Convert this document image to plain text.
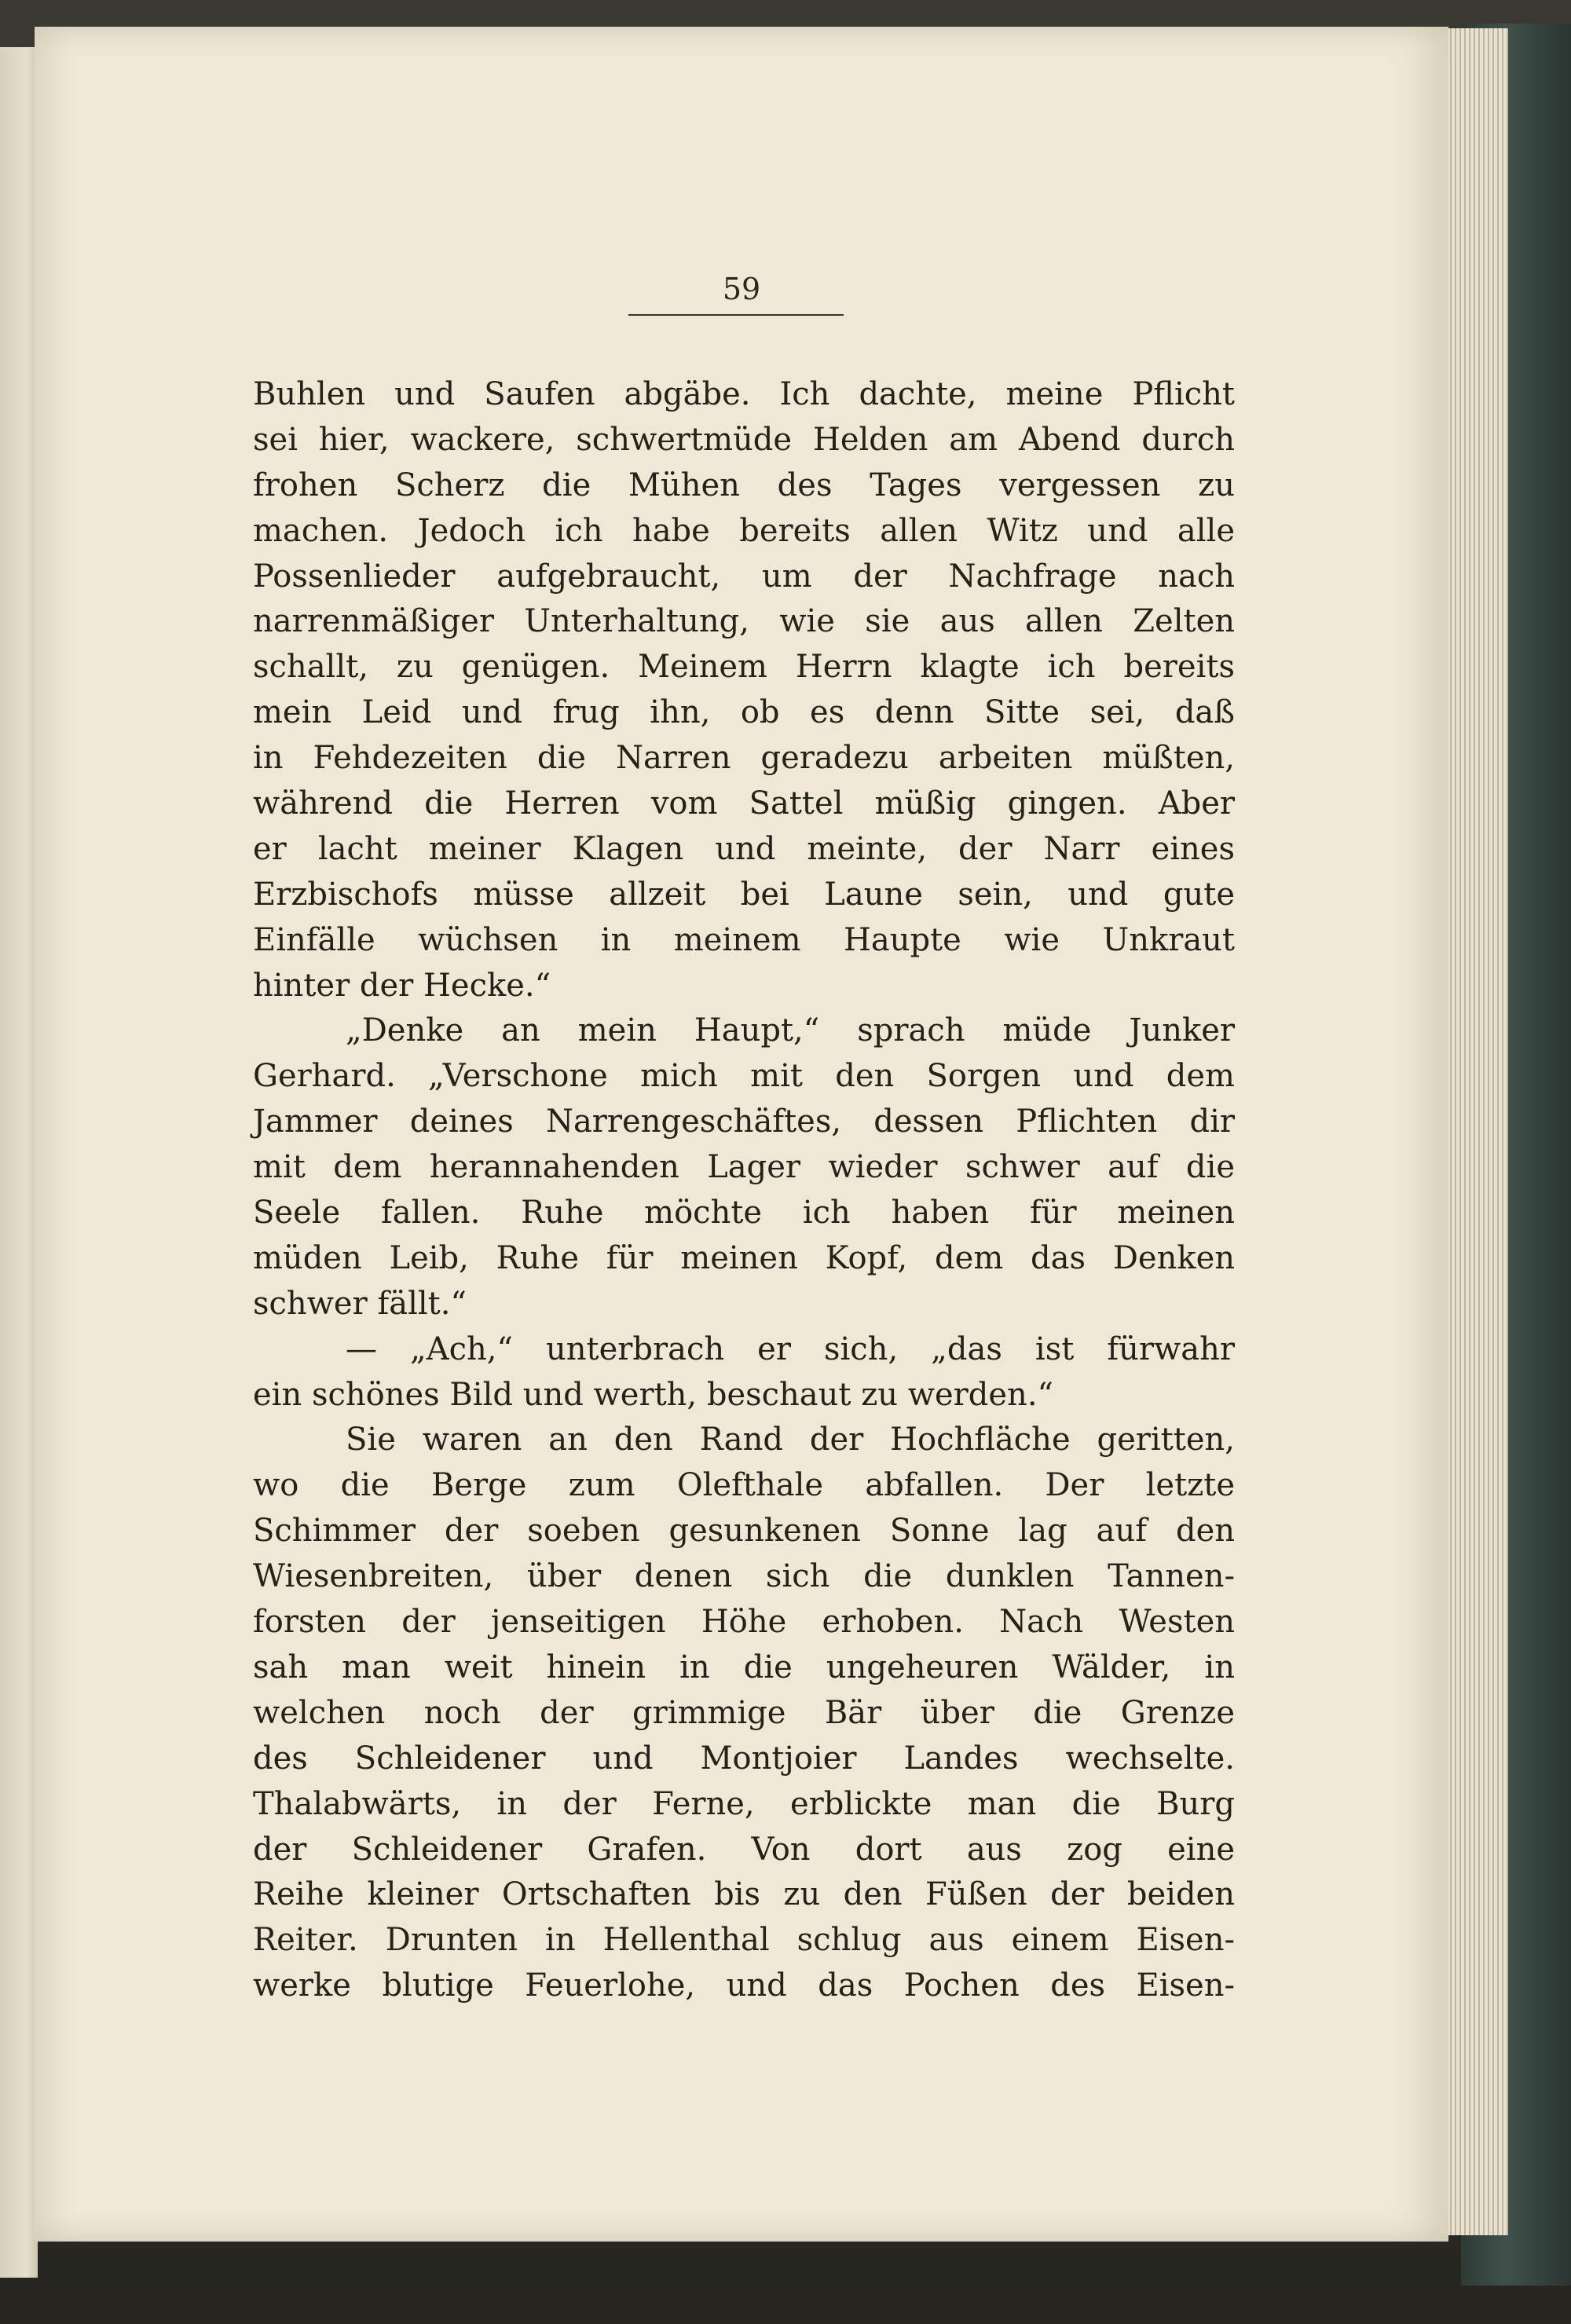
59

Buhlen und Saufen abgäbe. Ich dachte, meine Pflicht

sei hier, wackere, schwertmüde Helden am Abend durch

frohen Scherz die Mühen des Tages vergessen zu

machen. Jedoch ich habe bereits allen Witz und alle

Possenlieder aufgebraucht, um der Nachfrage nach

narrenmäßiger Unterhaltung, wie sie aus allen Zelten

schallt, zu genügen. Meinem Herrn klagte ich bereits

mein Leid und frug ihn, ob es denn Sitte sei, daß

in Fehdezeiten die Narren geradezu arbeiten müßten,

während die Herren vom Sattel müßig gingen. Aber

er lacht meiner Klagen und meinte, der Narr eines

Erzbischofs müsse allzeit bei Laune sein, und gute

Einfälle wüchsen in meinem Haupte wie Unkraut

hinter der Hecke.“

„Denke an mein Haupt,“ sprach müde Junker

Gerhard. „Verschone mich mit den Sorgen und dem

Jammer deines Narrengeschäftes, dessen Pflichten dir

mit dem herannahenden Lager wieder schwer auf die

Seele fallen. Ruhe möchte ich haben für meinen

müden Leib, Ruhe für meinen Kopf, dem das Denken

schwer fällt.“

— „Ach,“ unterbrach er sich, „das ist fürwahr

ein schönes Bild und werth, beschaut zu werden.“

Sie waren an den Rand der Hochfläche geritten,

wo die Berge zum Olefthale abfallen. Der letzte

Schimmer der soeben gesunkenen Sonne lag auf den

Wiesenbreiten, über denen sich die dunklen Tannen-

forsten der jenseitigen Höhe erhoben. Nach Westen

sah man weit hinein in die ungeheuren Wälder, in

welchen noch der grimmige Bär über die Grenze

des Schleidener und Montjoier Landes wechselte.

Thalabwärts, in der Ferne, erblickte man die Burg

der Schleidener Grafen. Von dort aus zog eine

Reihe kleiner Ortschaften bis zu den Füßen der beiden

Reiter. Drunten in Hellenthal schlug aus einem Eisen-

werke blutige Feuerlohe, und das Pochen des Eisen-
